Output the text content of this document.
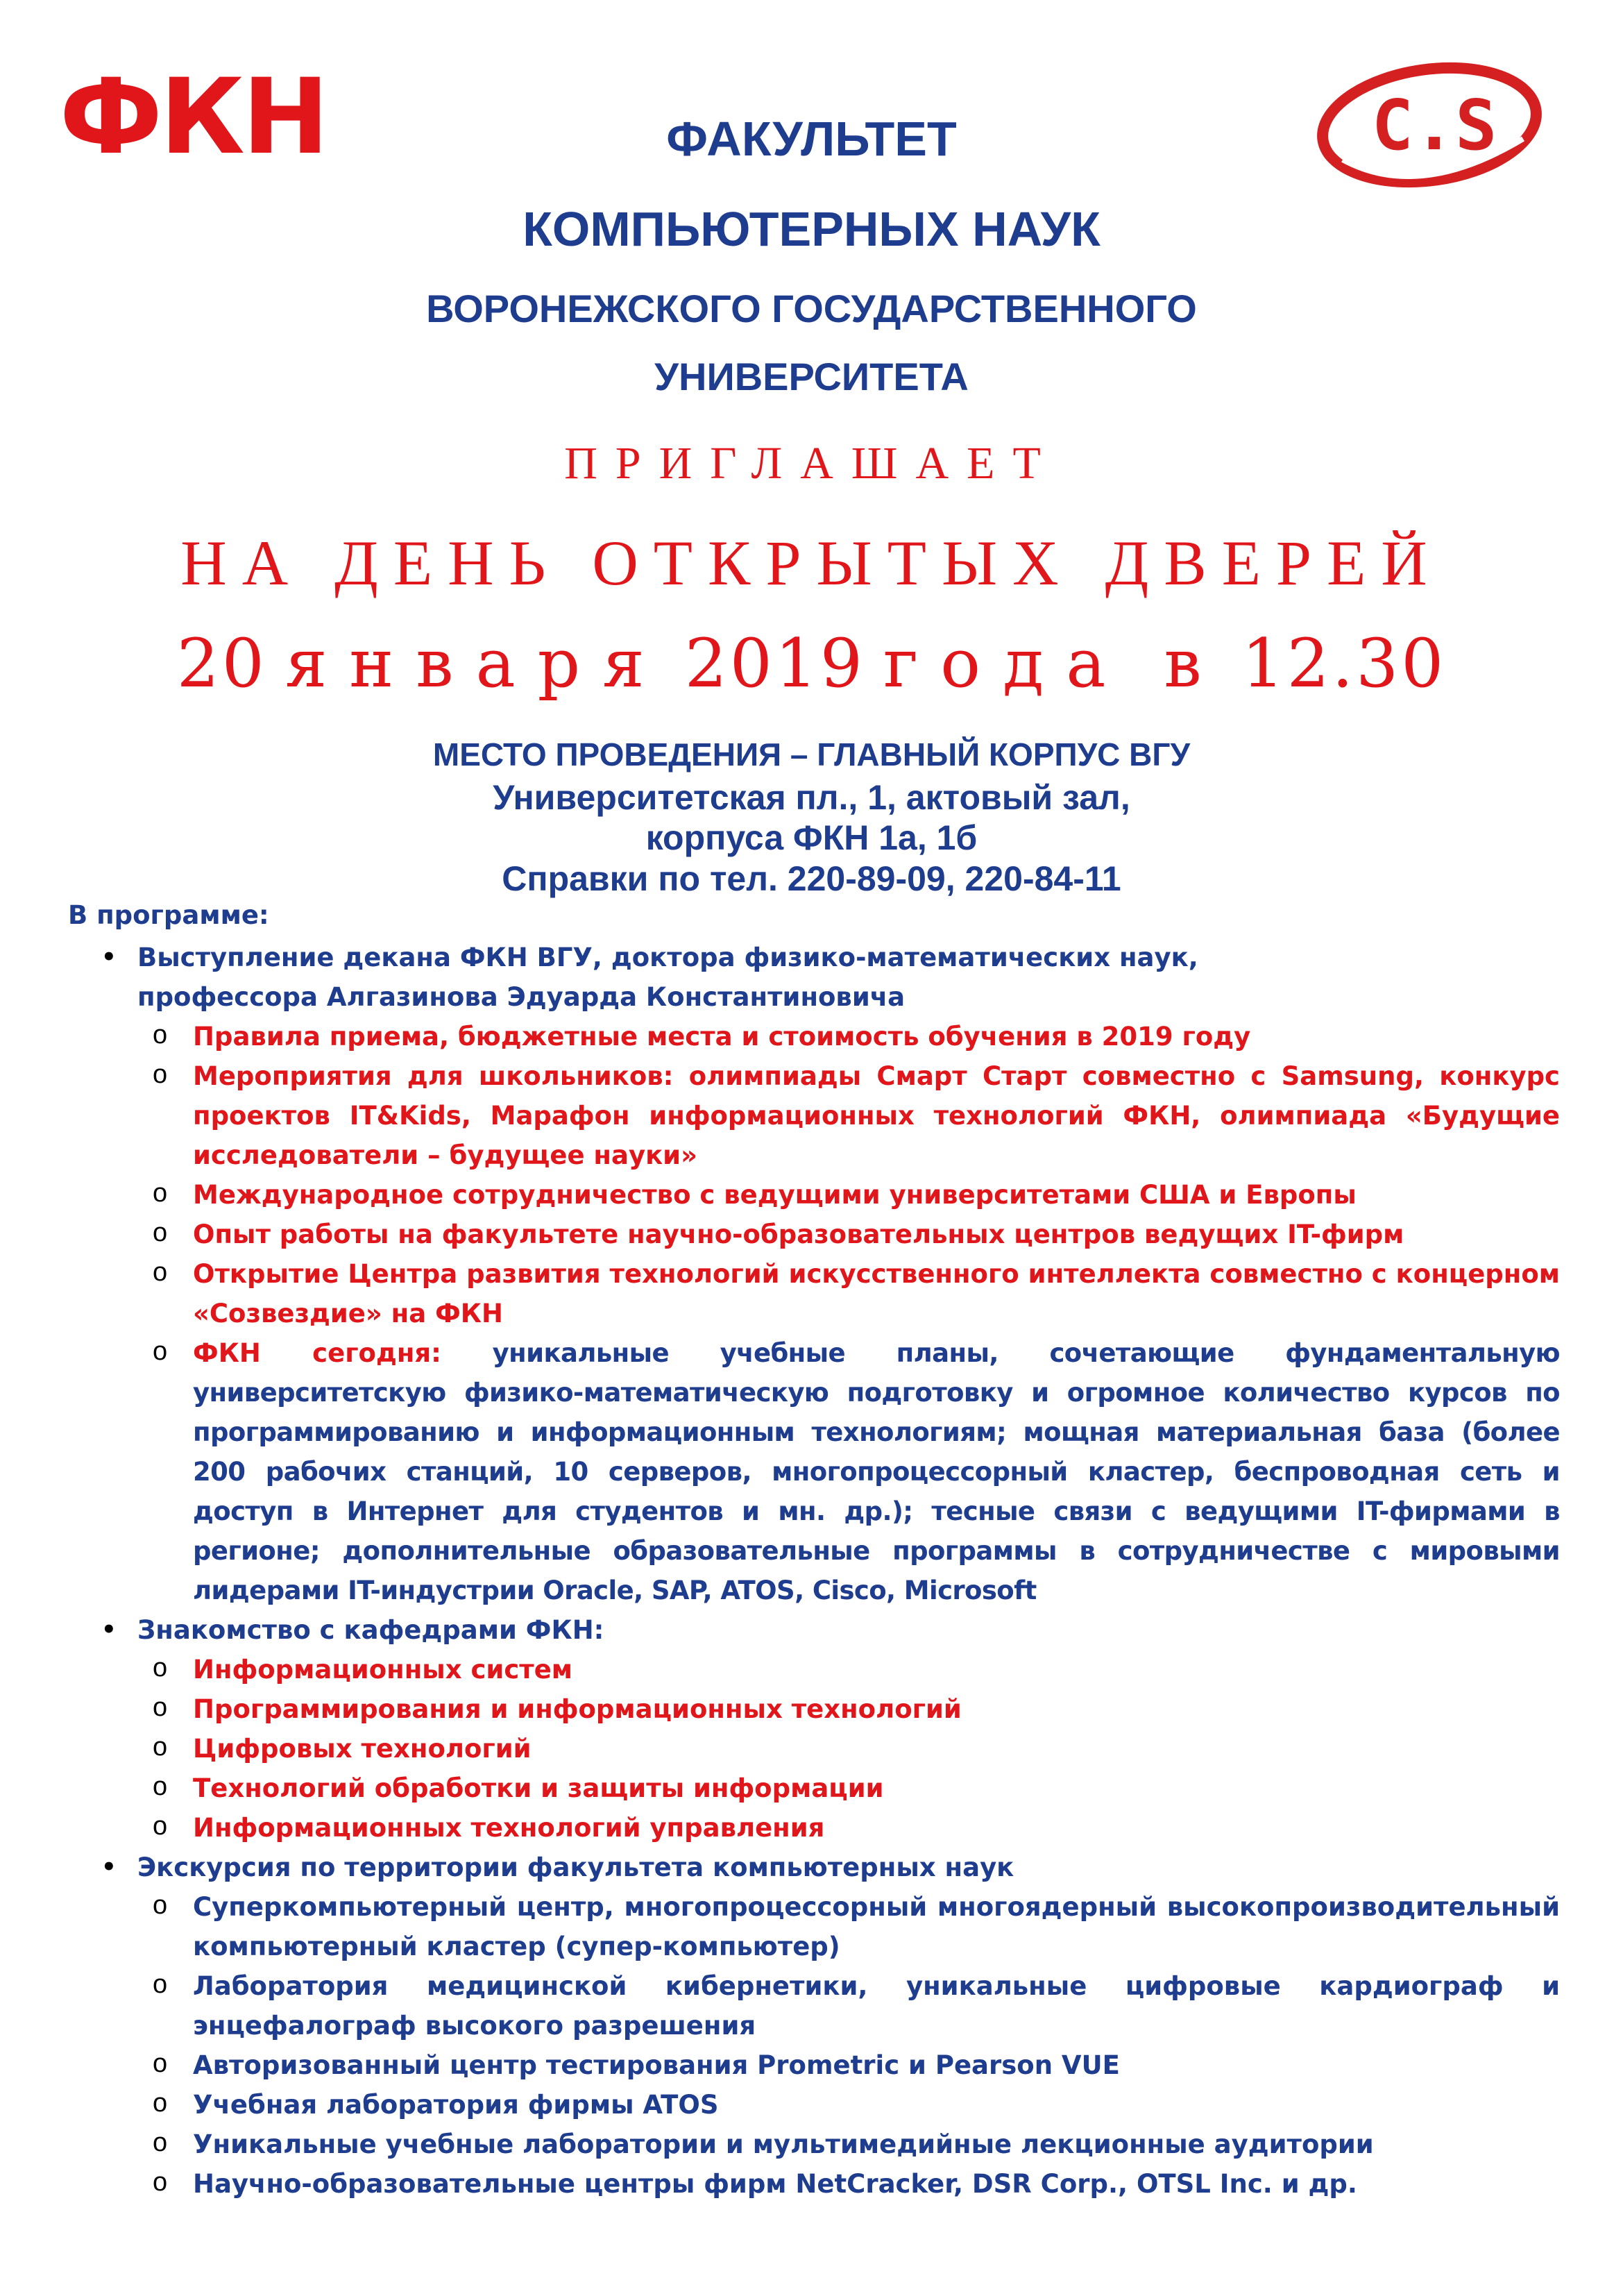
ФКН	C.S
ФАКУЛЬТЕТ
КОМПЬЮТЕРНЫХ НАУК
ВОРОНЕЖСКОГО ГОСУДАРСТВЕННОГО
УНИВЕРСИТЕТА
ПРИГЛАШАЕТ
НА ДЕНЬ ОТКРЫТЫХ ДВЕРЕЙ
20 января 2019 года в 12.30
МЕСТО ПРОВЕДЕНИЯ – ГЛАВНЫЙ КОРПУС ВГУ
Университетская пл., 1, актовый зал,
корпуса ФКН 1а, 1б
Справки по тел. 220-89-09, 220-84-11
В программе:
• Выступление декана ФКН ВГУ, доктора физико-математических наук,
профессора Алгазинова Эдуарда Константиновича
o Правила приема, бюджетные места и стоимость обучения в 2019 году
o Мероприятия для школьников: олимпиады Смарт Старт совместно с Samsung, конкурс проектов IT&Kids, Марафон информационных технологий ФКН, олимпиада «Будущие исследователи – будущее науки»
o Международное сотрудничество с ведущими университетами США и Европы
o Опыт работы на факультете научно-образовательных центров ведущих IT-фирм
o Открытие Центра развития технологий искусственного интеллекта совместно с концерном «Созвездие» на ФКН
o ФКН сегодня: уникальные учебные планы, сочетающие фундаментальную университетскую физико-математическую подготовку и огромное количество курсов по программированию и информационным технологиям; мощная материальная база (более 200 рабочих станций, 10 серверов, многопроцессорный кластер, беспроводная сеть и доступ в Интернет для студентов и мн. др.); тесные связи с ведущими IT-фирмами в регионе; дополнительные образовательные программы в сотрудничестве с мировыми лидерами IT-индустрии Oracle, SAP, ATOS, Cisco, Microsoft
• Знакомство с кафедрами ФКН:
o Информационных систем
o Программирования и информационных технологий
o Цифровых технологий
o Технологий обработки и защиты информации
o Информационных технологий управления
• Экскурсия по территории факультета компьютерных наук
o Суперкомпьютерный центр, многопроцессорный многоядерный высокопроизводительный компьютерный кластер (супер-компьютер)
o Лаборатория медицинской кибернетики, уникальные цифровые кардиограф и энцефалограф высокого разрешения
o Авторизованный центр тестирования Prometric и Pearson VUE
o Учебная лаборатория фирмы ATOS
o Уникальные учебные лаборатории и мультимедийные лекционные аудитории
o Научно-образовательные центры фирм NetCracker, DSR Corp., OTSL Inc. и др.
